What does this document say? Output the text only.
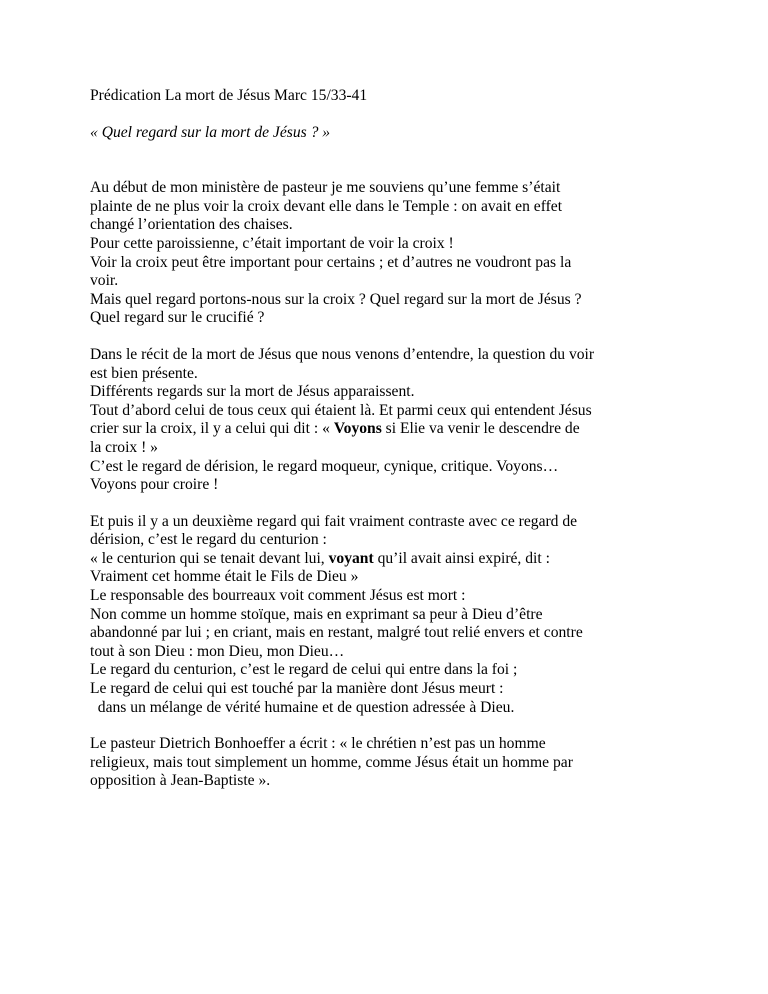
Prédication La mort de Jésus Marc 15/33-41
« Quel regard sur la mort de Jésus ? »
Au début de mon ministère de pasteur je me souviens qu’une femme s’était
plainte de ne plus voir la croix devant elle dans le Temple : on avait en effet
changé l’orientation des chaises.
Pour cette paroissienne, c’était important de voir la croix !
Voir la croix peut être important pour certains ; et d’autres ne voudront pas la
voir.
Mais quel regard portons-nous sur la croix ? Quel regard sur la mort de Jésus ?
Quel regard sur le crucifié ?
Dans le récit de la mort de Jésus que nous venons d’entendre, la question du voir
est bien présente.
Différents regards sur la mort de Jésus apparaissent.
Tout d’abord celui de tous ceux qui étaient là. Et parmi ceux qui entendent Jésus
crier sur la croix, il y a celui qui dit : « Voyons si Elie va venir le descendre de
la croix ! »
C’est le regard de dérision, le regard moqueur, cynique, critique. Voyons…
Voyons pour croire !
Et puis il y a un deuxième regard qui fait vraiment contraste avec ce regard de
dérision, c’est le regard du centurion :
« le centurion qui se tenait devant lui, voyant qu’il avait ainsi expiré, dit :
Vraiment cet homme était le Fils de Dieu »
Le responsable des bourreaux voit comment Jésus est mort :
Non comme un homme stoïque, mais en exprimant sa peur à Dieu d’être
abandonné par lui ; en criant, mais en restant, malgré tout relié envers et contre
tout à son Dieu : mon Dieu, mon Dieu…
Le regard du centurion, c’est le regard de celui qui entre dans la foi ;
Le regard de celui qui est touché par la manière dont Jésus meurt :
dans un mélange de vérité humaine et de question adressée à Dieu.
Le pasteur Dietrich Bonhoeffer a écrit : « le chrétien n’est pas un homme
religieux, mais tout simplement un homme, comme Jésus était un homme par
opposition à Jean-Baptiste ».
